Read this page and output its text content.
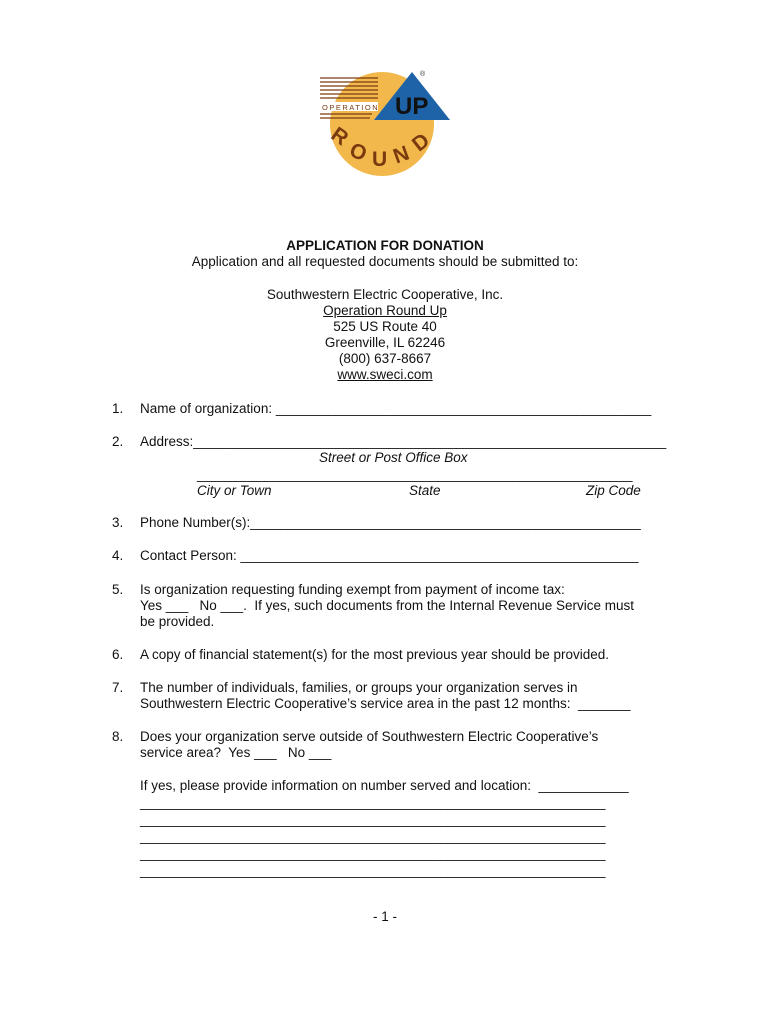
OPERATION UP
®
R
O U N
D
APPLICATION FOR DONATION
Application and all requested documents should be submitted to:
Southwestern Electric Cooperative, Inc.
Operation Round Up
525 US Route 40
Greenville, IL 62246
(800) 637-8667
www.sweci.com
1. Name of organization: __________________________________________________
2. Address:_______________________________________________________________
Street or Post Office Box
__________________________________________________________
City or Town	State	Zip Code
3. Phone Number(s):____________________________________________________
4. Contact Person: _____________________________________________________
5. Is organization requesting funding exempt from payment of income tax:
Yes ___   No ___.  If yes, such documents from the Internal Revenue Service must
be provided.
6. A copy of financial statement(s) for the most previous year should be provided.
7. The number of individuals, families, or groups your organization serves in
Southwestern Electric Cooperative’s service area in the past 12 months:  _______
8. Does your organization serve outside of Southwestern Electric Cooperative’s
service area?  Yes ___   No ___
If yes, please provide information on number served and location:  ____________
______________________________________________________________
______________________________________________________________
______________________________________________________________
______________________________________________________________
______________________________________________________________
- 1 -
